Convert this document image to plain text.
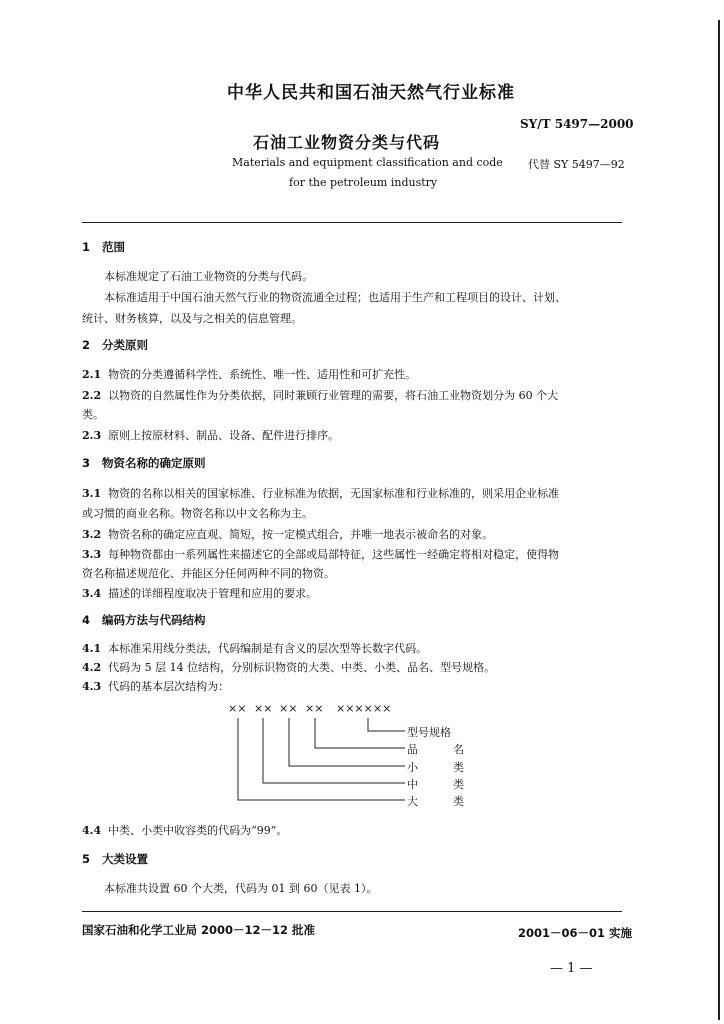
中华人民共和国石油天然气行业标准
SY/T 5497—2000
石油工业物资分类与代码
Materials and equipment classification and code 代替 SY 5497—92
for the petroleum industry
1 范围
本标准规定了石油工业物资的分类与代码。
本标准适用于中国石油天然气行业的物资流通全过程；也适用于生产和工程项目的设计、计划、
统计、财务核算，以及与之相关的信息管理。
2 分类原则
2.1 物资的分类遵循科学性、系统性、唯一性、适用性和可扩充性。
2.2 以物资的自然属性作为分类依据，同时兼顾行业管理的需要，将石油工业物资划分为 60 个大
类。
2.3 原则上按原材料、制品、设备、配件进行排序。
3 物资名称的确定原则
3.1 物资的名称以相关的国家标准、行业标准为依据，无国家标准和行业标准的，则采用企业标准
或习惯的商业名称。物资名称以中文名称为主。
3.2 物资名称的确定应直观、简短，按一定模式组合，并唯一地表示被命名的对象。
3.3 每种物资都由一系列属性来描述它的全部或局部特征，这些属性一经确定将相对稳定，使得物
资名称描述规范化、并能区分任何两种不同的物资。
3.4 描述的详细程度取决于管理和应用的要求。
4 编码方法与代码结构
4.1 本标准采用线分类法，代码编制是有含义的层次型等长数字代码。
4.2 代码为 5 层 14 位结构，分别标识物资的大类、中类、小类、品名、型号规格。
4.3 代码的基本层次结构为：
×× ×× ×× ×× ××××××
型号规格
品　名
小　类
中　类
大　类
4.4 中类、小类中收容类的代码为“99”。
5 大类设置
本标准共设置 60 个大类，代码为 01 到 60（见表 1）。
国家石油和化学工业局 2000－12－12 批准	2001－06－01 实施
— 1 —
